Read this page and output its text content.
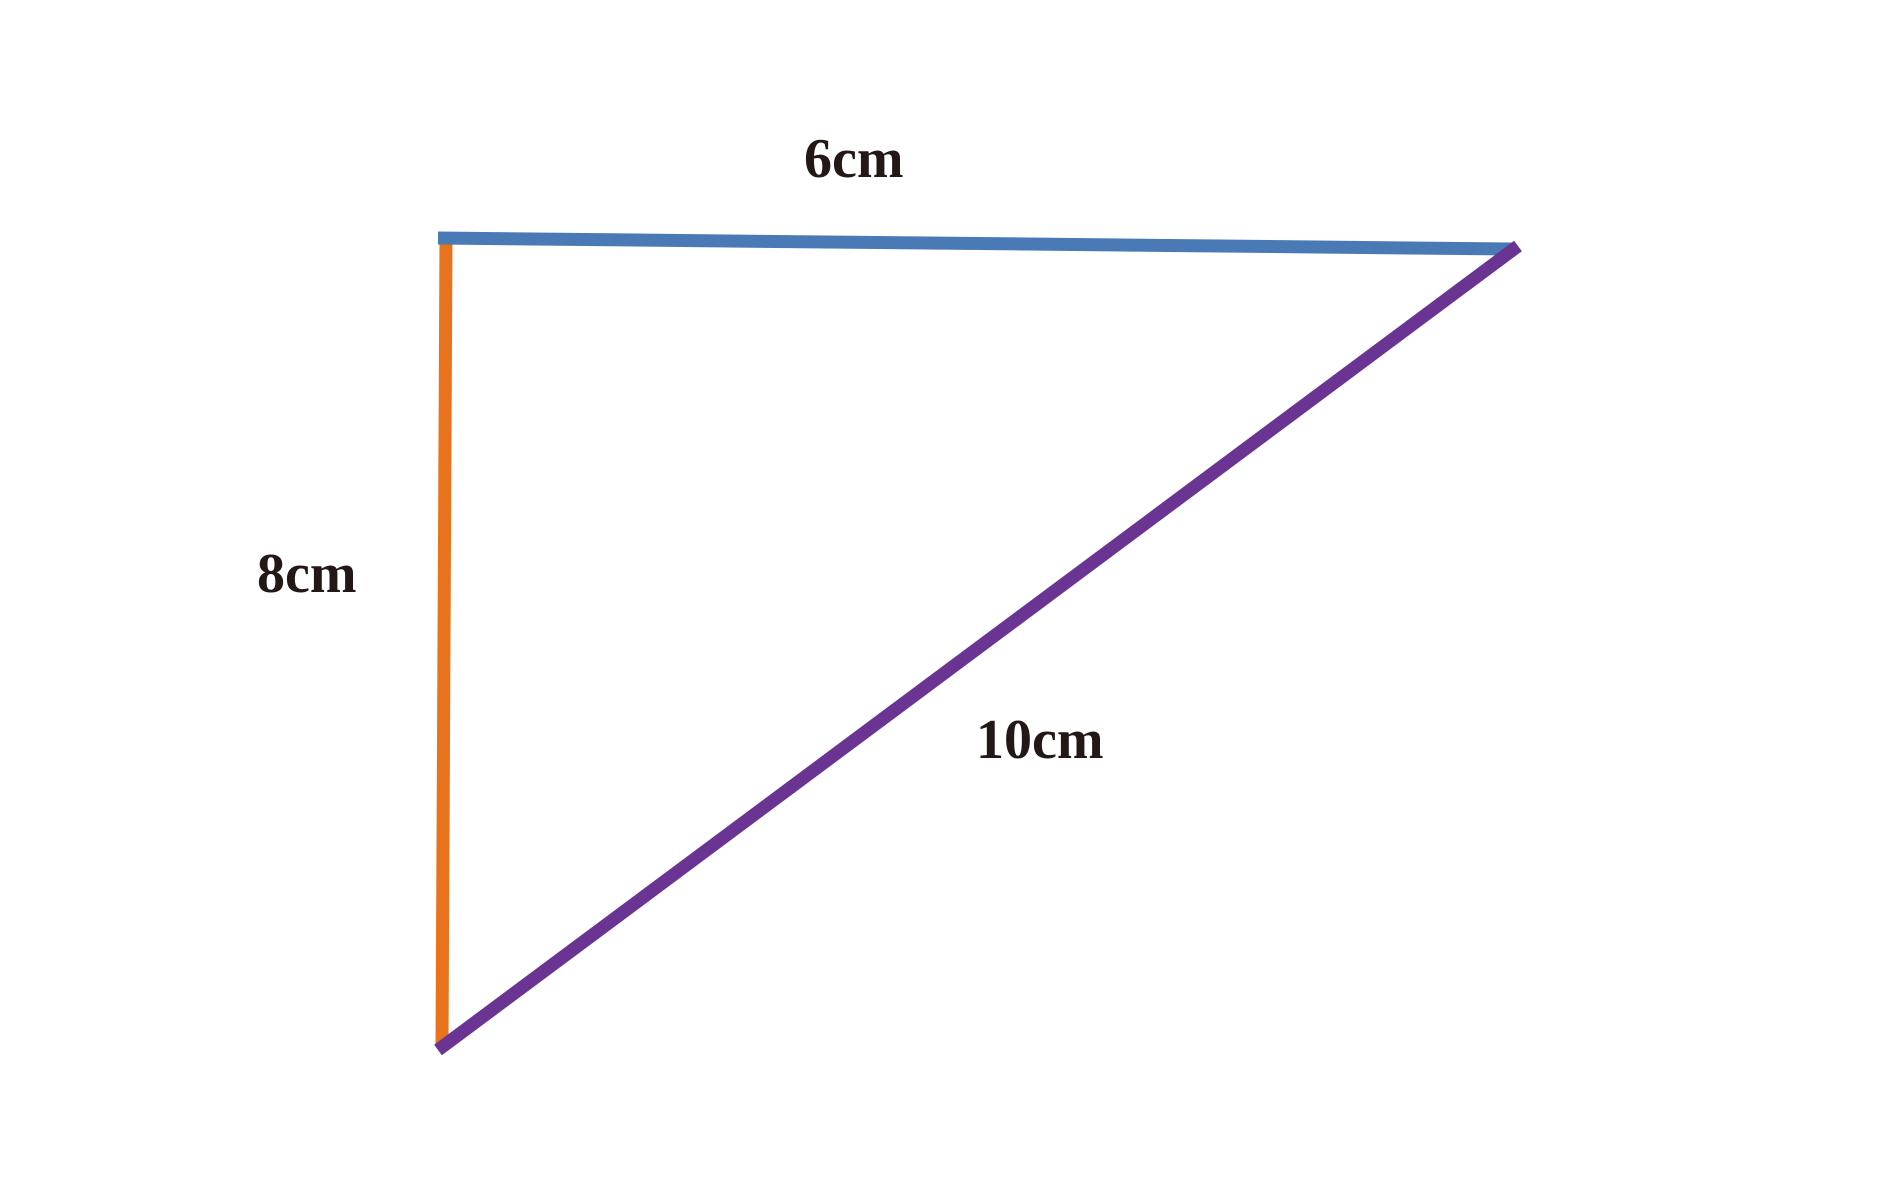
6cm
8cm
10cm
